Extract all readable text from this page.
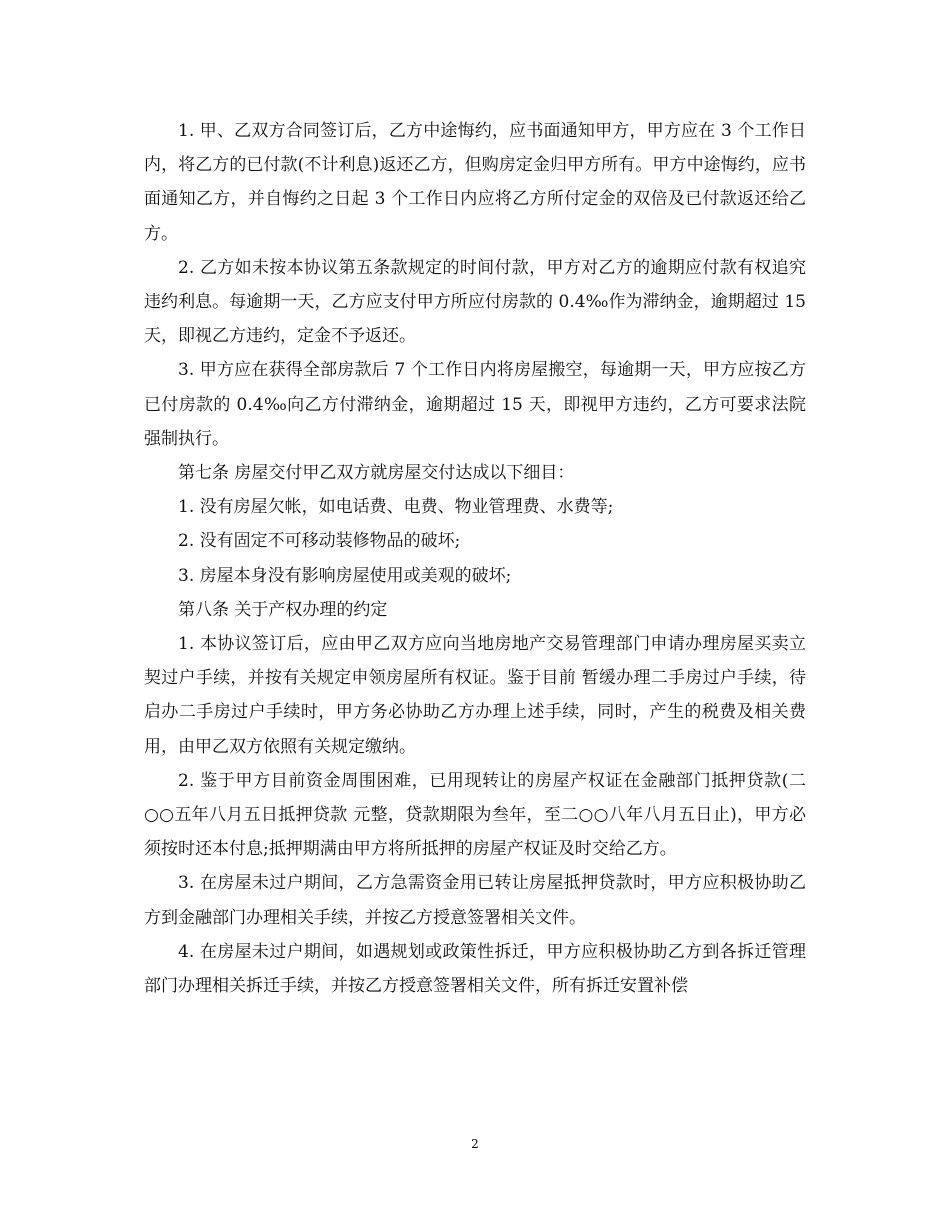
1. 甲、乙双方合同签订后，乙方中途悔约，应书面通知甲方，甲方应在 3 个工作日内，将乙方的已付款(不计利息)返还乙方，但购房定金归甲方所有。甲方中途悔约，应书面通知乙方，并自悔约之日起 3 个工作日内应将乙方所付定金的双倍及已付款返还给乙方。

2. 乙方如未按本协议第五条款规定的时间付款，甲方对乙方的逾期应付款有权追究违约利息。每逾期一天，乙方应支付甲方所应付房款的 0.4‰作为滞纳金，逾期超过 15 天，即视乙方违约，定金不予返还。

3. 甲方应在获得全部房款后 7 个工作日内将房屋搬空，每逾期一天，甲方应按乙方已付房款的 0.4‰向乙方付滞纳金，逾期超过 15 天，即视甲方违约，乙方可要求法院强制执行。

第七条 房屋交付甲乙双方就房屋交付达成以下细目：

1. 没有房屋欠帐，如电话费、电费、物业管理费、水费等;

2. 没有固定不可移动装修物品的破坏;

3. 房屋本身没有影响房屋使用或美观的破坏;

第八条 关于产权办理的约定

1. 本协议签订后，应由甲乙双方应向当地房地产交易管理部门申请办理房屋买卖立契过户手续，并按有关规定申领房屋所有权证。鉴于目前 暂缓办理二手房过户手续，待 启办二手房过户手续时，甲方务必协助乙方办理上述手续，同时，产生的税费及相关费用，由甲乙双方依照有关规定缴纳。

2. 鉴于甲方目前资金周围困难，已用现转让的房屋产权证在金融部门抵押贷款(二○○五年八月五日抵押贷款 元整，贷款期限为叁年，至二○○八年八月五日止)，甲方必须按时还本付息;抵押期满由甲方将所抵押的房屋产权证及时交给乙方。

3. 在房屋未过户期间，乙方急需资金用已转让房屋抵押贷款时，甲方应积极协助乙方到金融部门办理相关手续，并按乙方授意签署相关文件。

4. 在房屋未过户期间，如遇规划或政策性拆迁，甲方应积极协助乙方到各拆迁管理部门办理相关拆迁手续，并按乙方授意签署相关文件，所有拆迁安置补偿

2
